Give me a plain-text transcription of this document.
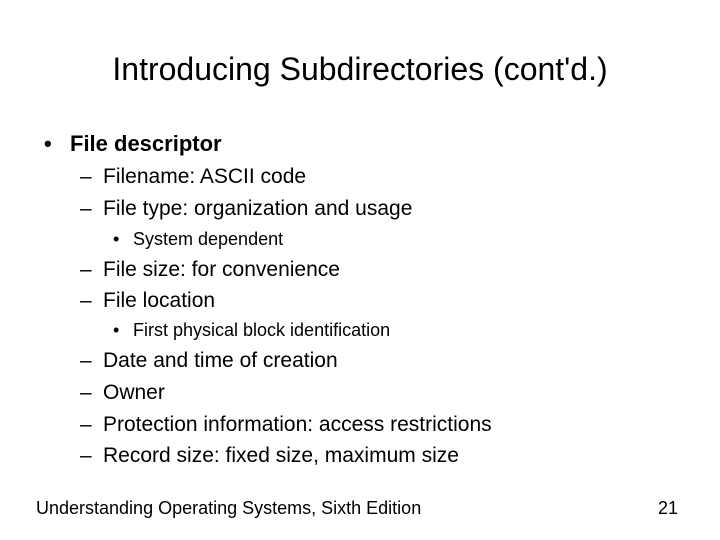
Introducing Subdirectories (cont'd.)
• File descriptor
– Filename: ASCII code
– File type: organization and usage
• System dependent
– File size: for convenience
– File location
• First physical block identification
– Date and time of creation
– Owner
– Protection information: access restrictions
– Record size: fixed size, maximum size
Understanding Operating Systems, Sixth Edition	21
